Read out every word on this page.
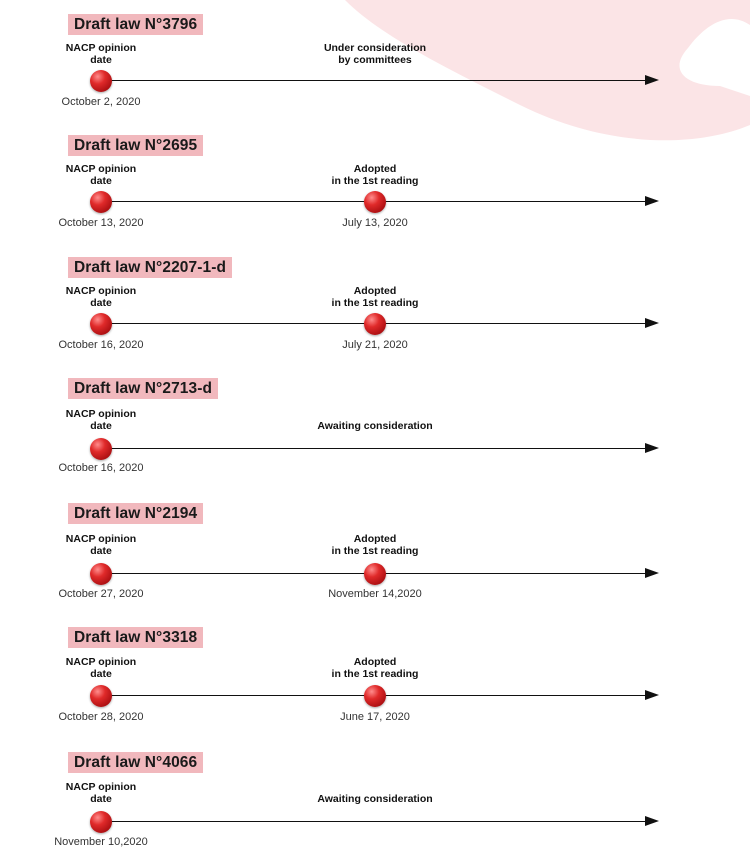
Draft law N°3796
NACP opinion
date
Under consideration
by committees
October 2, 2020
Draft law N°2695
NACP opinion
date
Adopted
in the 1st reading
October 13, 2020	July 13, 2020
Draft law N°2207-1-d
NACP opinion
date
Adopted
in the 1st reading
October 16, 2020	July 21, 2020
Draft law N°2713-d
NACP opinion
date	Awaiting consideration
October 16, 2020
Draft law N°2194
NACP opinion
date
Adopted
in the 1st reading
October 27, 2020	November 14,2020
Draft law N°3318
NACP opinion
date
Adopted
in the 1st reading
October 28, 2020	June 17, 2020
Draft law N°4066
NACP opinion
date	Awaiting consideration
November 10,2020
